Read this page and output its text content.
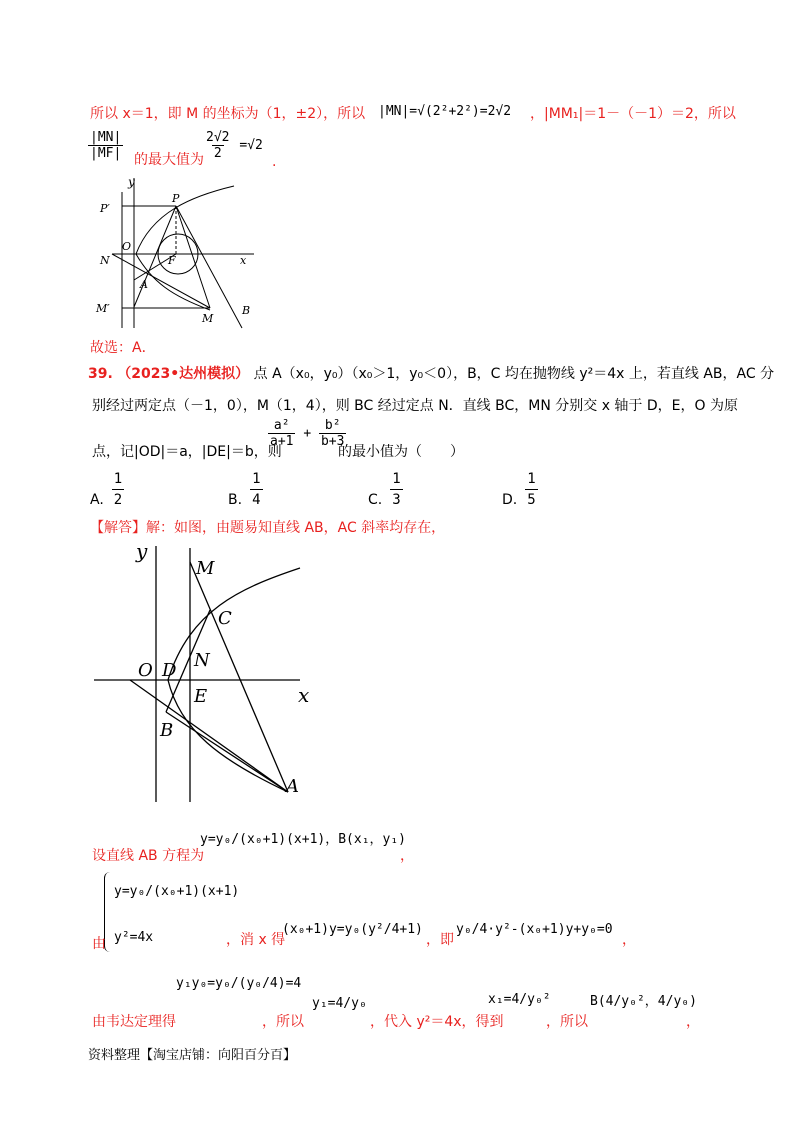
所以 x＝1，即 M 的坐标为（1，±2），所以 |MN|=√(2²+2²)=2√2 ，|MM₁|＝1－（－1）＝2，所以
$\frac{|MN|}{|MF|}$ 的最大值为 $\frac{2√2}{2} =√2$
.
y
P′
P
O
F
N	x
A
M′
M
B
故选：A．
39. （2023•达州模拟） 点 A（x₀，y₀）（x₀＞1，y₀＜0），B，C 均在抛物线 y²＝4x 上，若直线 AB，AC 分
别经过两定点（－1，0），M（1，4），则 BC 经过定点 N．直线 BC，MN 分别交 x 轴于 D，E，O 为原
点，记|OD|＝a，|DE|＝b，则
$\frac{\text{a²}}{a+1} + \frac{\text{b²}}{b+3}$
的最小值为（　　）
A. $\frac{1}{2}$	B. $\frac{1}{4}$	C. $\frac{1}{3}$	D. $\frac{1}{5}$
【解答】解：如图，由题易知直线 AB，AC 斜率均存在，
y
M
C
O D N
E	x
B
A
y=y₀/(x₀+1)(x+1)，B(x₁，y₁)
设直线 AB 方程为	，
y=y₀/(x₀+1)(x+1)
y²=4x
由	，消 x 得
(x₀+1)y=y₀(y²/4+1)
，即
y₀/4·y²-(x₀+1)y+y₀=0
，
y₁y₀=y₀/(y₀/4)=4
由韦达定理得	，所以
y₁=4/y₀
，代入 y²＝4x，得到
x₁=4/y₀²
，所以
B(4/y₀²，4/y₀)
，
资料整理【淘宝店铺：向阳百分百】
